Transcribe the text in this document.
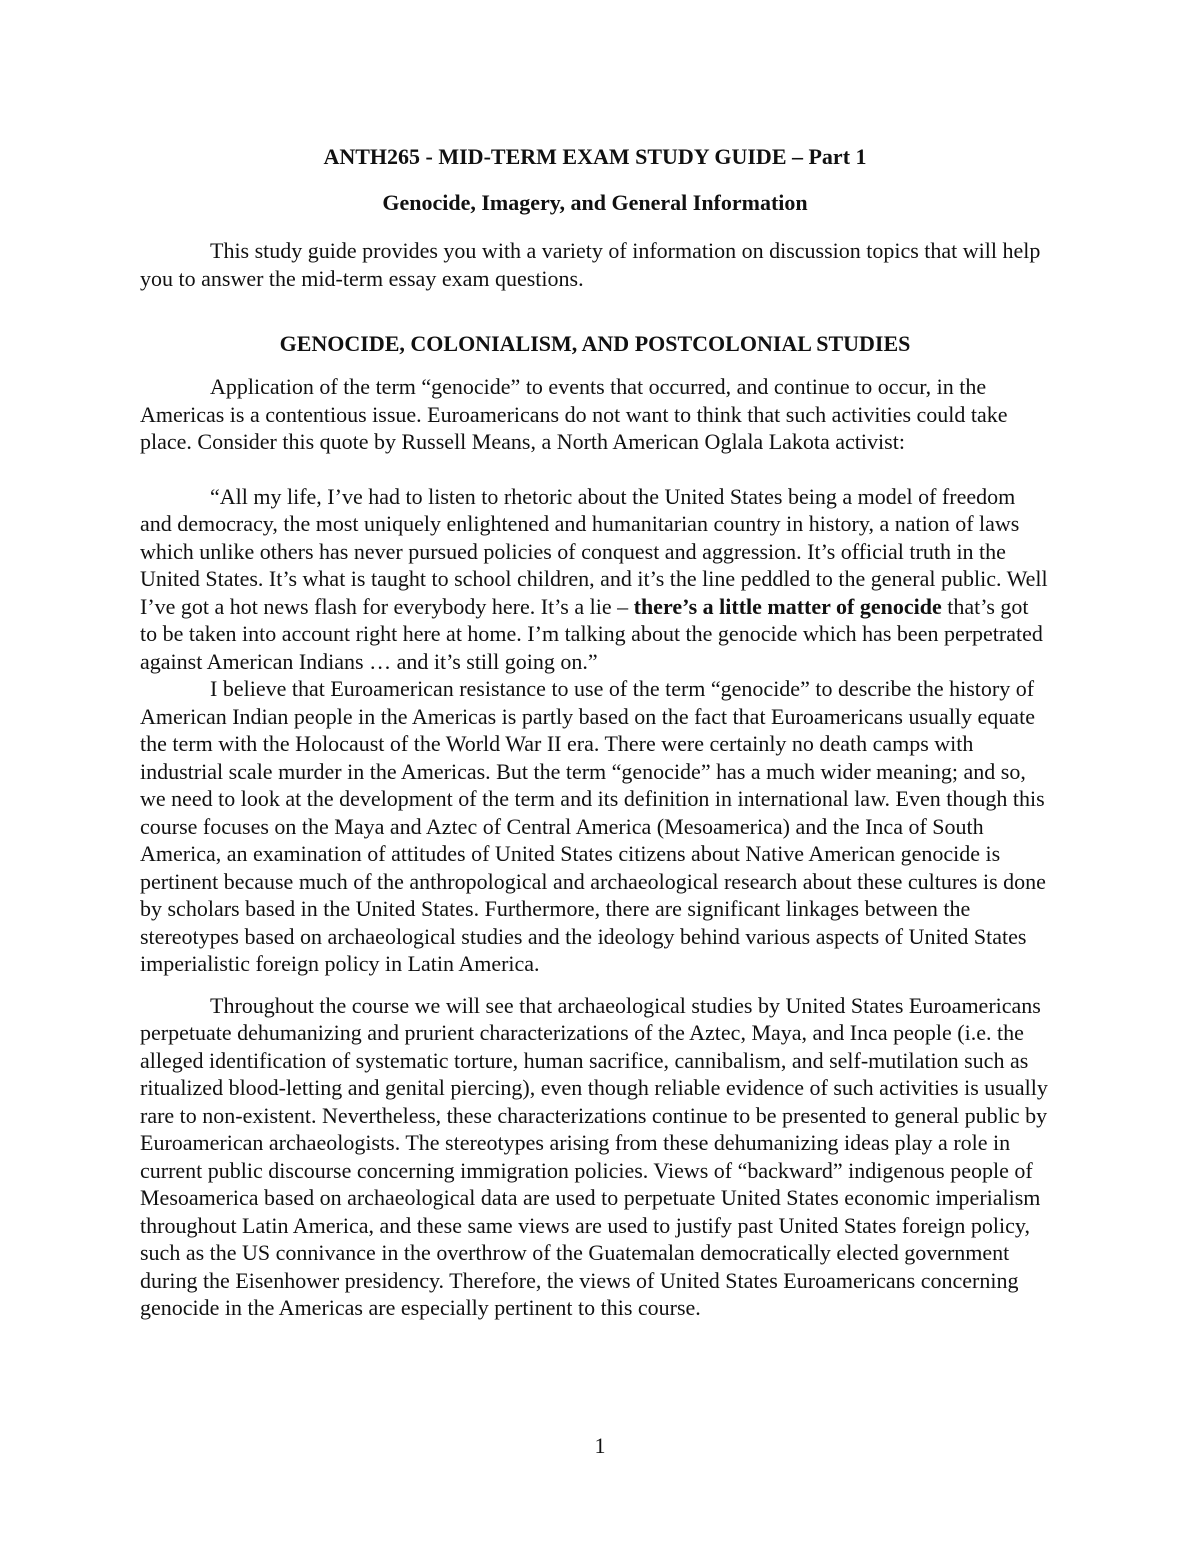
ANTH265 - MID-TERM EXAM STUDY GUIDE – Part 1
Genocide, Imagery, and General Information

This study guide provides you with a variety of information on discussion topics that will help you to answer the mid-term essay exam questions.

GENOCIDE, COLONIALISM, AND POSTCOLONIAL STUDIES

Application of the term “genocide” to events that occurred, and continue to occur, in the Americas is a contentious issue. Euroamericans do not want to think that such activities could take place. Consider this quote by Russell Means, a North American Oglala Lakota activist:

“All my life, I’ve had to listen to rhetoric about the United States being a model of freedom and democracy, the most uniquely enlightened and humanitarian country in history, a nation of laws which unlike others has never pursued policies of conquest and aggression. It’s official truth in the United States. It’s what is taught to school children, and it’s the line peddled to the general public. Well I’ve got a hot news flash for everybody here. It’s a lie – there’s a little matter of genocide that’s got to be taken into account right here at home. I’m talking about the genocide which has been perpetrated against American Indians … and it’s still going on.”

I believe that Euroamerican resistance to use of the term “genocide” to describe the history of American Indian people in the Americas is partly based on the fact that Euroamericans usually equate the term with the Holocaust of the World War II era. There were certainly no death camps with industrial scale murder in the Americas. But the term “genocide” has a much wider meaning; and so, we need to look at the development of the term and its definition in international law. Even though this course focuses on the Maya and Aztec of Central America (Mesoamerica) and the Inca of South America, an examination of attitudes of United States citizens about Native American genocide is pertinent because much of the anthropological and archaeological research about these cultures is done by scholars based in the United States. Furthermore, there are significant linkages between the stereotypes based on archaeological studies and the ideology behind various aspects of United States imperialistic foreign policy in Latin America.

Throughout the course we will see that archaeological studies by United States Euroamericans perpetuate dehumanizing and prurient characterizations of the Aztec, Maya, and Inca people (i.e. the alleged identification of systematic torture, human sacrifice, cannibalism, and self-mutilation such as ritualized blood-letting and genital piercing), even though reliable evidence of such activities is usually rare to non-existent. Nevertheless, these characterizations continue to be presented to general public by Euroamerican archaeologists. The stereotypes arising from these dehumanizing ideas play a role in current public discourse concerning immigration policies. Views of “backward” indigenous people of Mesoamerica based on archaeological data are used to perpetuate United States economic imperialism throughout Latin America, and these same views are used to justify past United States foreign policy, such as the US connivance in the overthrow of the Guatemalan democratically elected government during the Eisenhower presidency. Therefore, the views of United States Euroamericans concerning genocide in the Americas are especially pertinent to this course.

1
